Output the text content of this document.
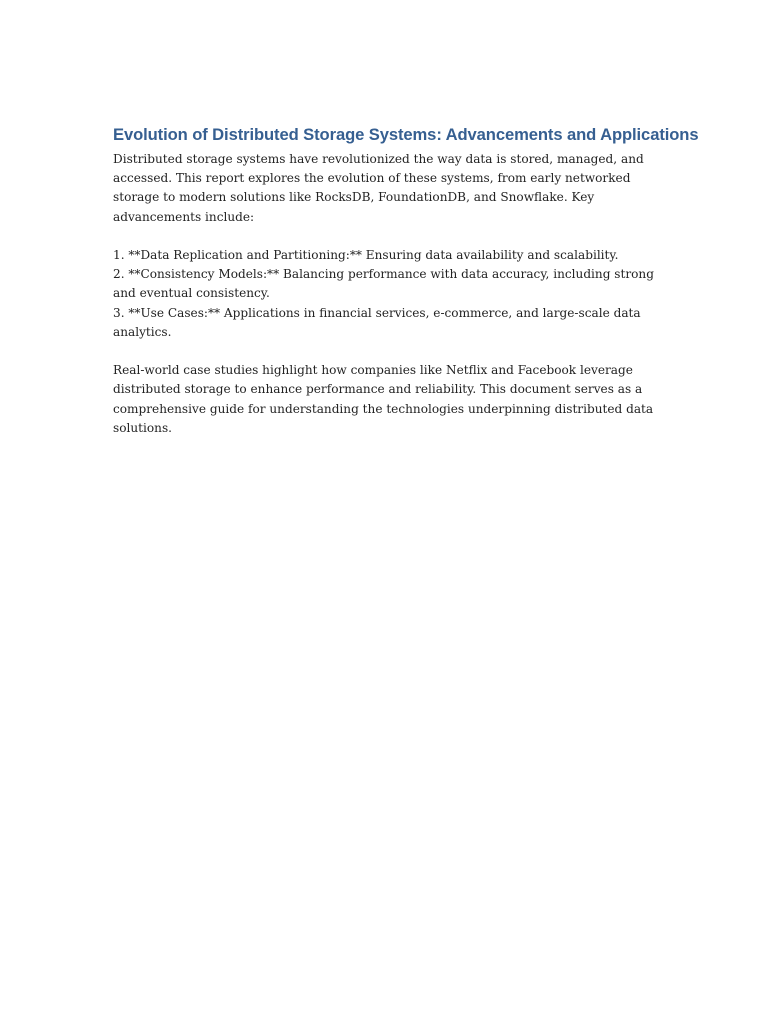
Evolution of Distributed Storage Systems: Advancements and Applications

Distributed storage systems have revolutionized the way data is stored, managed, and accessed. This report explores the evolution of these systems, from early networked storage to modern solutions like RocksDB, FoundationDB, and Snowflake. Key advancements include:

1. **Data Replication and Partitioning:** Ensuring data availability and scalability.

2. **Consistency Models:** Balancing performance with data accuracy, including strong and eventual consistency.

3. **Use Cases:** Applications in financial services, e-commerce, and large-scale data analytics.

Real-world case studies highlight how companies like Netflix and Facebook leverage distributed storage to enhance performance and reliability. This document serves as a comprehensive guide for understanding the technologies underpinning distributed data solutions.
